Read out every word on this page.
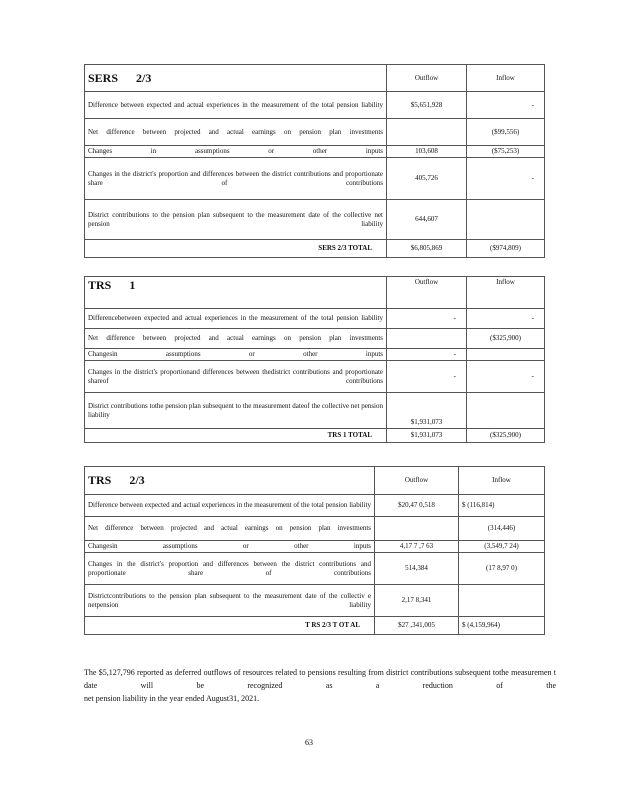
SERS 2/3	Outflow	Inflow
Difference between expected and actual experiences in the measurement of the total pension liability	$5,651,928	-
Net difference between projected and actual earnings on pension plan investments		($99,556)
Changes in assumptions or other inputs	103,608	($75,253)
Changes in the district's proportion and differences between the district contributions and proportionate share of contributions	405,726	-
District contributions to the pension plan subsequent to the measurement date of the collective net pension liability	644,607	
SERS 2/3 TOTAL	$6,805,869	($974,809)
TRS 1	Outflow	Inflow
Differencebetween expected and actual experiences in the measurement of the total pension liability	-	-
Net difference between projected and actual earnings on pension plan investments		($325,900)
Changesin assumptions or other inputs	-	
Changes in the district's proportionand differences between thedistrict contributions and proportionate shareof contributions	-	-
District contributions tothe pension plan subsequent to the measurement dateof the collective net pension liability	$1,931,073	
TRS 1 TOTAL	$1,931,073	($325,900)
TRS 2/3	Outflow	Inflow
Difference between expected and actual experiences in the measurement of the total pension liability	$20,47 0,518	$ (116,814)
Net difference between projected and actual earnings on pension plan investments		(314,446)
Changesin assumptions or other inputs	4,17 7 ,7 63	(3,549,7 24)
Changes in the district's proportion and differences between the district contributions and proportionate share of contributions	514,384	(17 8,97 0)
Districtcontributions to the pension plan subsequent to the measurement date of the collectiv e netpension liability	2,17 8,341	
T RS 2/3 T OT AL	$27 ,341,005	$ (4,159,964)
The $5,127,796 reported as deferred outflows of resources related to pensions resulting from district contributions subsequent tothe measuremen t date will be recognized as a reduction of the
net pension liability in the year ended August31, 2021.
63
